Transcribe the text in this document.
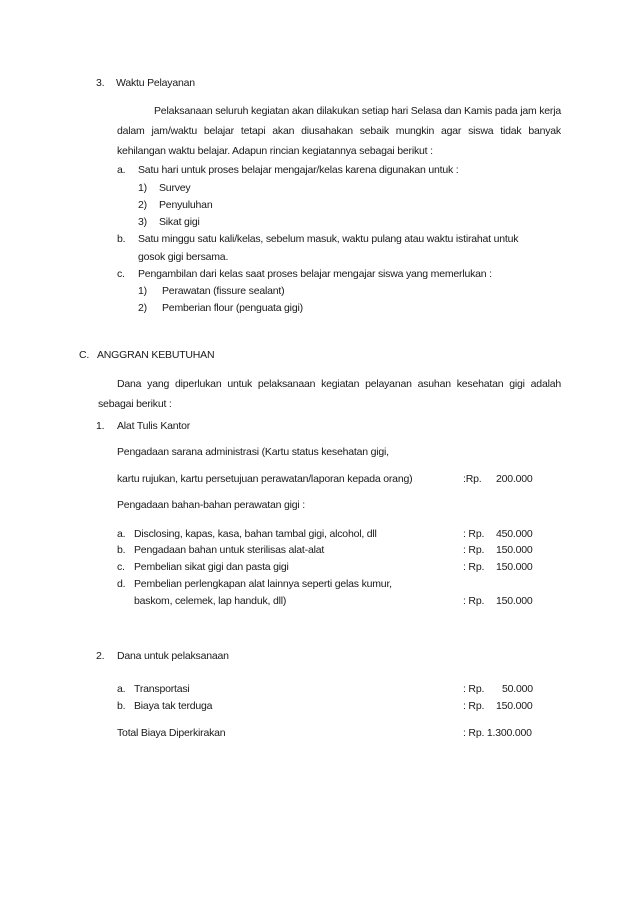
3. Waktu Pelayanan
Pelaksanaan seluruh kegiatan akan dilakukan setiap hari Selasa dan Kamis pada jam kerja dalam jam/waktu belajar tetapi akan diusahakan sebaik mungkin agar siswa tidak banyak kehilangan waktu belajar. Adapun rincian kegiatannya sebagai berikut :
a. Satu hari untuk proses belajar mengajar/kelas karena digunakan untuk :
1) Survey
2) Penyuluhan
3) Sikat gigi
b. Satu minggu satu kali/kelas, sebelum masuk, waktu pulang atau waktu istirahat untuk
gosok gigi bersama.
c. Pengambilan dari kelas saat proses belajar mengajar siswa yang memerlukan :
1) Perawatan (fissure sealant)
2) Pemberian flour (penguata gigi)
C. ANGGRAN KEBUTUHAN
Dana yang diperlukan untuk pelaksanaan kegiatan pelayanan asuhan kesehatan gigi adalah sebagai berikut :
1. Alat Tulis Kantor
Pengadaan sarana administrasi (Kartu status kesehatan gigi,
kartu rujukan, kartu persetujuan perawatan/laporan kepada orang)	:Rp. 200.000
Pengadaan bahan-bahan perawatan gigi :
a. Disclosing, kapas, kasa, bahan tambal gigi, alcohol, dll	: Rp. 450.000
b. Pengadaan bahan untuk sterilisas alat-alat	: Rp. 150.000
c. Pembelian sikat gigi dan pasta gigi	: Rp. 150.000
d. Pembelian perlengkapan alat lainnya seperti gelas kumur,
baskom, celemek, lap handuk, dll)	: Rp. 150.000
2. Dana untuk pelaksanaan
a. Transportasi	: Rp. 50.000
b. Biaya tak terduga	: Rp. 150.000
Total Biaya Diperkirakan	: Rp. 1.300.000
